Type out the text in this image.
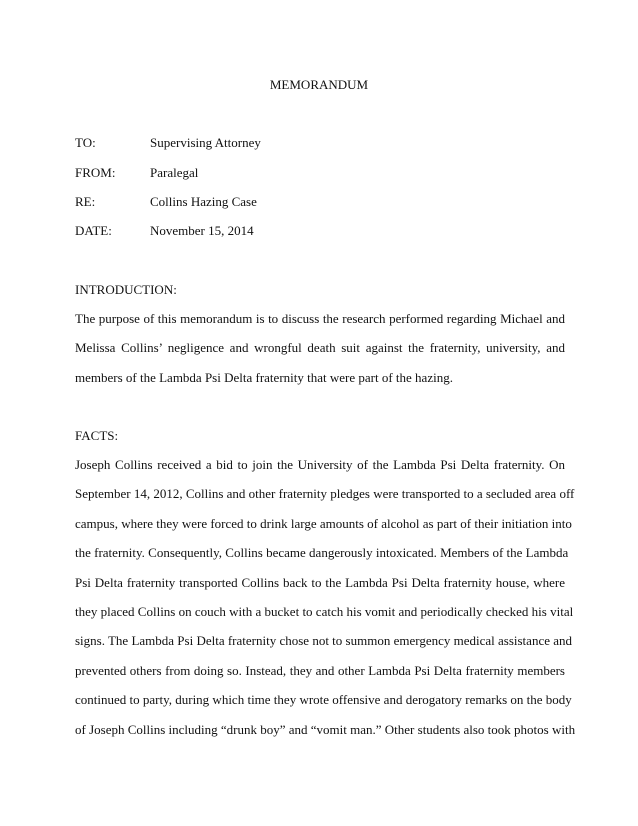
MEMORANDUM
TO:	Supervising Attorney
FROM:	Paralegal
RE:	Collins Hazing Case
DATE:	November 15, 2014
INTRODUCTION:
The purpose of this memorandum is to discuss the research performed regarding Michael and
Melissa Collins’ negligence and wrongful death suit against the fraternity, university, and
members of the Lambda Psi Delta fraternity that were part of the hazing.
FACTS:
Joseph Collins received a bid to join the University of the Lambda Psi Delta fraternity. On
September 14, 2012, Collins and other fraternity pledges were transported to a secluded area off
campus, where they were forced to drink large amounts of alcohol as part of their initiation into
the fraternity. Consequently, Collins became dangerously intoxicated. Members of the Lambda
Psi Delta fraternity transported Collins back to the Lambda Psi Delta fraternity house, where
they placed Collins on couch with a bucket to catch his vomit and periodically checked his vital
signs. The Lambda Psi Delta fraternity chose not to summon emergency medical assistance and
prevented others from doing so. Instead, they and other Lambda Psi Delta fraternity members
continued to party, during which time they wrote offensive and derogatory remarks on the body
of Joseph Collins including “drunk boy” and “vomit man.” Other students also took photos with
